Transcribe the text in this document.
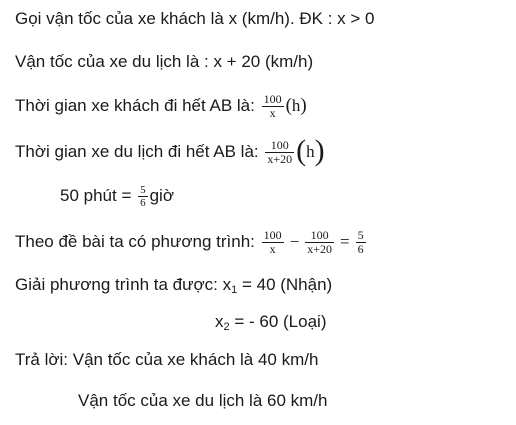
Gọi vận tốc của xe khách là x (km/h). ĐK : x > 0
Vận tốc của xe du lịch là : x + 20 (km/h)
Thời gian xe khách đi hết AB là: $\frac{100}{x} (h)$
Thời gian xe du lịch đi hết AB là: $\frac{100}{x+20} (h)$
50 phút = $\frac{5}{6}$ giờ
Theo đề bài ta có phương trình: $\frac{100}{x} - \frac{100}{x+20} = \frac{5}{6}$
Giải phương trình ta được: $x_1 = 40$ (Nhận)
$x_2$ = - 60 (Loại)
Trả lời: Vận tốc của xe khách là 40 km/h
Vận tốc của xe du lịch là 60 km/h
